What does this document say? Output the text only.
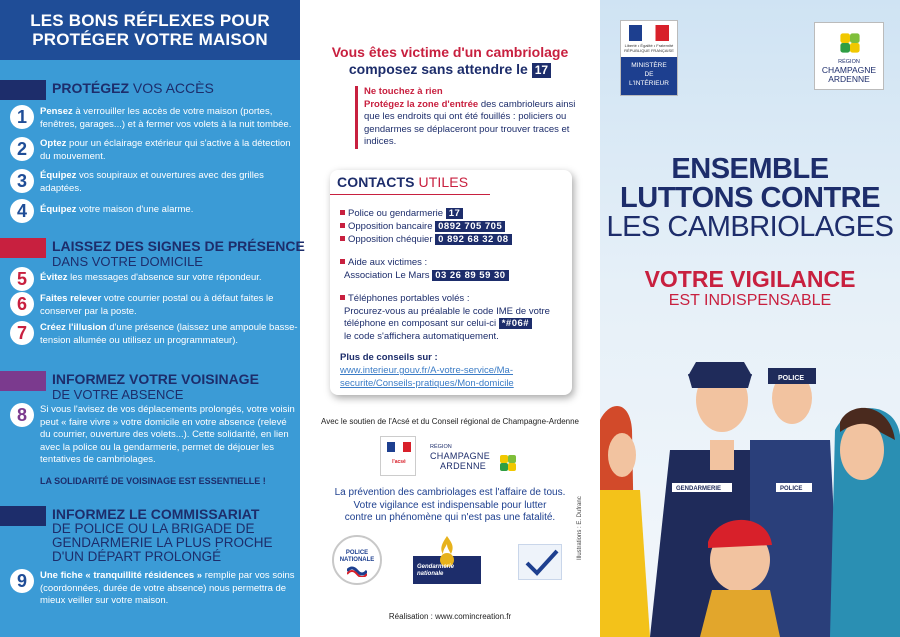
LES BONS RÉFLEXES POUR
PROTÉGER VOTRE MAISON
PROTÉGEZ VOS ACCÈS
1	Pensez à verrouiller les accès de votre maison (portes, fenêtres, garages...) et à fermer vos volets à la nuit tombée.
2	Optez pour un éclairage extérieur qui s'active à la détection du mouvement.
3	Équipez vos soupiraux et ouvertures avec des grilles adaptées.
4	Équipez votre maison d'une alarme.
LAISSEZ DES SIGNES DE PRÉSENCE
DANS VOTRE DOMICILE
5	Évitez les messages d'absence sur votre répondeur.
6	Faites relever votre courrier postal ou à défaut faites le conserver par la poste.
7	Créez l'illusion d'une présence (laissez une ampoule basse-tension allumée ou utilisez un programmateur).
INFORMEZ VOTRE VOISINAGE
DE VOTRE ABSENCE
8	Si vous l'avisez de vos déplacements prolongés, votre voisin peut « faire vivre » votre domicile en votre absence (relevé du courrier, ouverture des volets...). Cette solidarité, en lien avec la police ou la gendarmerie, permet de déjouer les tentatives de cambriolages.
LA SOLIDARITÉ DE VOISINAGE EST ESSENTIELLE !
INFORMEZ LE COMMISSARIAT
DE POLICE OU LA BRIGADE DE
GENDARMERIE LA PLUS PROCHE
D'UN DÉPART PROLONGÉ
9	Une fiche « tranquillité résidences » remplie par vos soins (coordonnées, durée de votre absence) nous permettra de mieux veiller sur votre maison.
Vous êtes victime d'un cambriolage
composez sans attendre le 17
Ne touchez à rien
Protégez la zone d'entrée des cambrioleurs ainsi que les endroits qui ont été fouillés : policiers ou gendarmes se déplaceront pour trouver traces et indices.
CONTACTS UTILES
Police ou gendarmerie 17
Opposition bancaire 0892 705 705
Opposition chéquier 0 892 68 32 08
Aide aux victimes :
Association Le Mars 03 26 89 59 30
Téléphones portables volés :
Procurez-vous au préalable le code IME de votre téléphone en composant sur celui-ci *#06#
le code s'affichera automatiquement.
Plus de conseils sur :
www.interieur.gouv.fr/A-votre-service/Ma-securite/Conseils-pratiques/Mon-domicile
Avec le soutien de l'Acsé et du Conseil régional de Champagne-Ardenne
l'acsé
RÉGION
CHAMPAGNE
ARDENNE
La prévention des cambriolages est l'affaire de tous.
Votre vigilance est indispensable pour lutter
contre un phénomène qui n'est pas une fatalité.
POLICE
NATIONALE
Gendarmerie
nationale
Réalisation : www.comincreation.fr
Illustrations : E. Dufranc
Liberté • Égalité • Fraternité RÉPUBLIQUE FRANÇAISE
MINISTÈRE
DE
L'INTÉRIEUR
RÉGION
CHAMPAGNE
ARDENNE
ENSEMBLE
LUTTONS CONTRE
LES CAMBRIOLAGES
VOTRE VIGILANCE
EST INDISPENSABLE
GENDARMERIE
POLICE
POLICE
